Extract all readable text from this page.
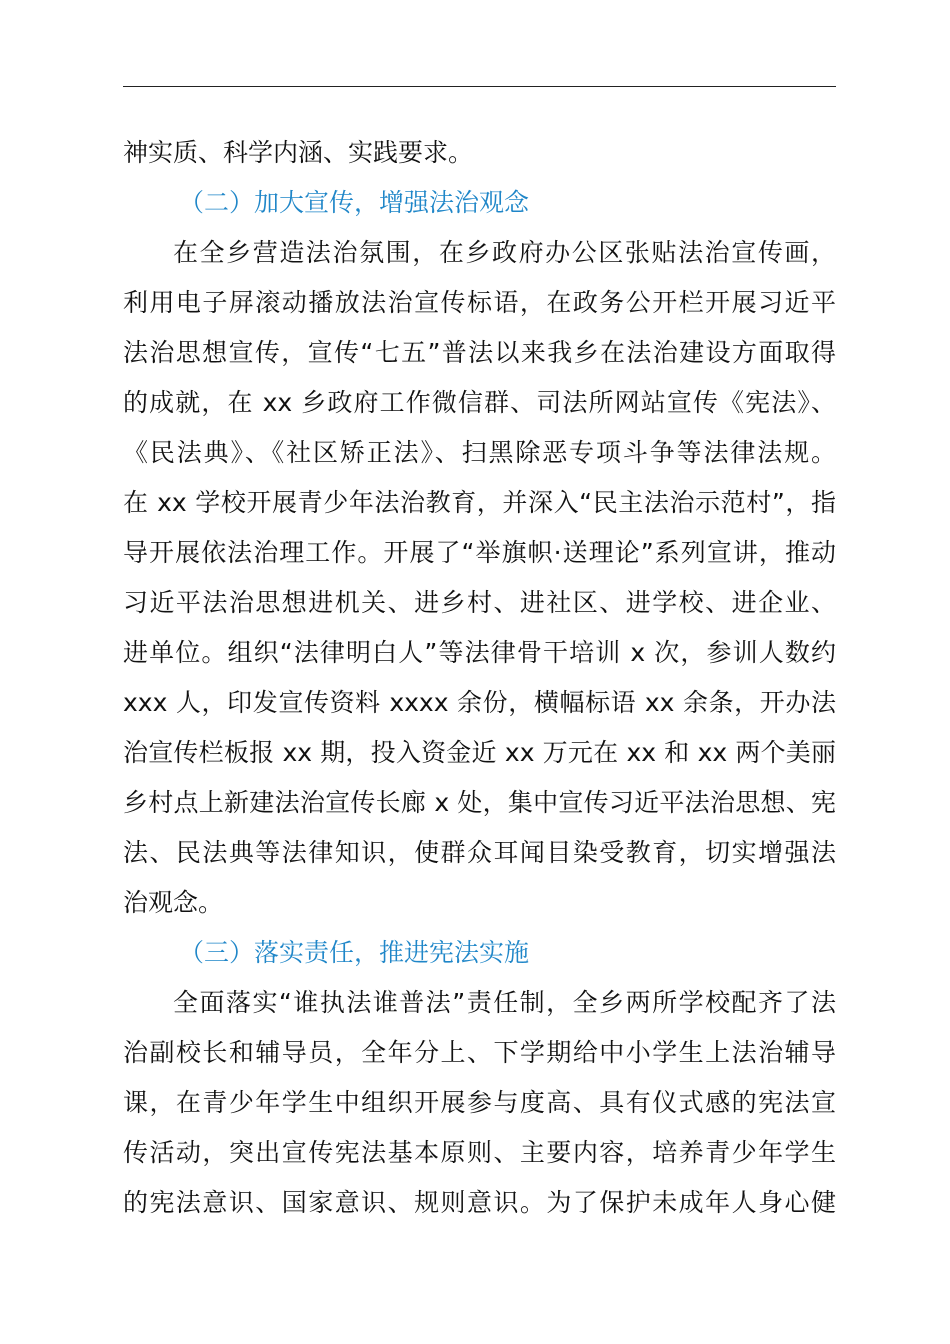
神实质、科学内涵、实践要求。
（二）加大宣传，增强法治观念
在全乡营造法治氛围，在乡政府办公区张贴法治宣传画，
利用电子屏滚动播放法治宣传标语，在政务公开栏开展习近平
法治思想宣传，宣传“七五”普法以来我乡在法治建设方面取得
的成就，在 xx 乡政府工作微信群、司法所网站宣传《宪法》、
《民法典》、《社区矫正法》、扫黑除恶专项斗争等法律法规。
在 xx 学校开展青少年法治教育，并深入“民主法治示范村”，指
导开展依法治理工作。开展了“举旗帜·送理论”系列宣讲，推动
习近平法治思想进机关、进乡村、进社区、进学校、进企业、
进单位。组织“法律明白人”等法律骨干培训 x 次，参训人数约
xxx 人，印发宣传资料 xxxx 余份，横幅标语 xx 余条，开办法
治宣传栏板报 xx 期，投入资金近 xx 万元在 xx 和 xx 两个美丽
乡村点上新建法治宣传长廊 x 处，集中宣传习近平法治思想、宪
法、民法典等法律知识，使群众耳闻目染受教育，切实增强法
治观念。
（三）落实责任，推进宪法实施
全面落实“谁执法谁普法”责任制，全乡两所学校配齐了法
治副校长和辅导员，全年分上、下学期给中小学生上法治辅导
课，在青少年学生中组织开展参与度高、具有仪式感的宪法宣
传活动，突出宣传宪法基本原则、主要内容，培养青少年学生
的宪法意识、国家意识、规则意识。为了保护未成年人身心健
